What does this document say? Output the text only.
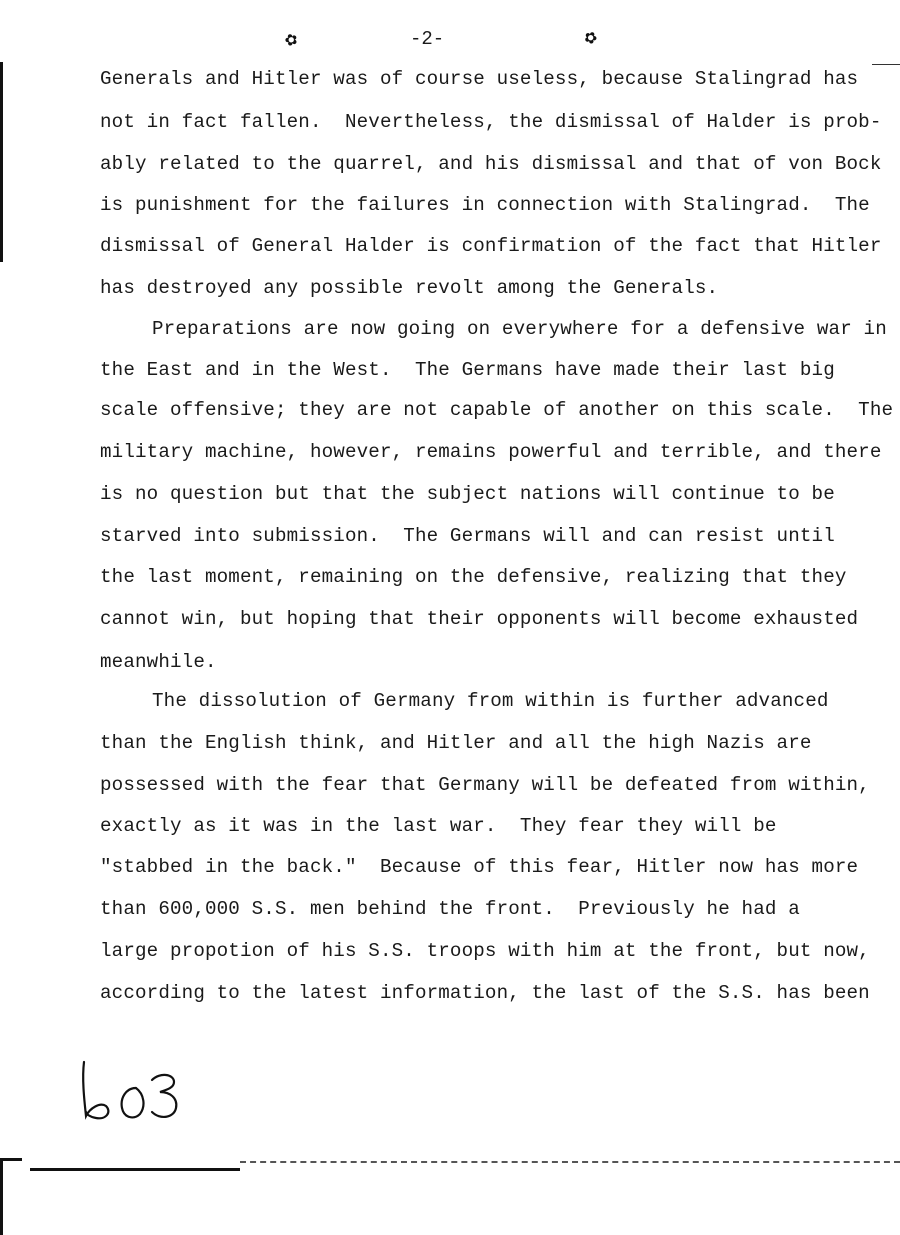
✿	-2-	✿
Generals and Hitler was of course useless, because Stalingrad has
not in fact fallen.  Nevertheless, the dismissal of Halder is prob-
ably related to the quarrel, and his dismissal and that of von Bock
is punishment for the failures in connection with Stalingrad.  The
dismissal of General Halder is confirmation of the fact that Hitler
has destroyed any possible revolt among the Generals.
Preparations are now going on everywhere for a defensive war in
the East and in the West.  The Germans have made their last big
scale offensive; they are not capable of another on this scale.  The
military machine, however, remains powerful and terrible, and there
is no question but that the subject nations will continue to be
starved into submission.  The Germans will and can resist until
the last moment, remaining on the defensive, realizing that they
cannot win, but hoping that their opponents will become exhausted
meanwhile.
The dissolution of Germany from within is further advanced
than the English think, and Hitler and all the high Nazis are
possessed with the fear that Germany will be defeated from within,
exactly as it was in the last war.  They fear they will be
"stabbed in the back."  Because of this fear, Hitler now has more
than 600,000 S.S. men behind the front.  Previously he had a
large propotion of his S.S. troops with him at the front, but now,
according to the latest information, the last of the S.S. has been
